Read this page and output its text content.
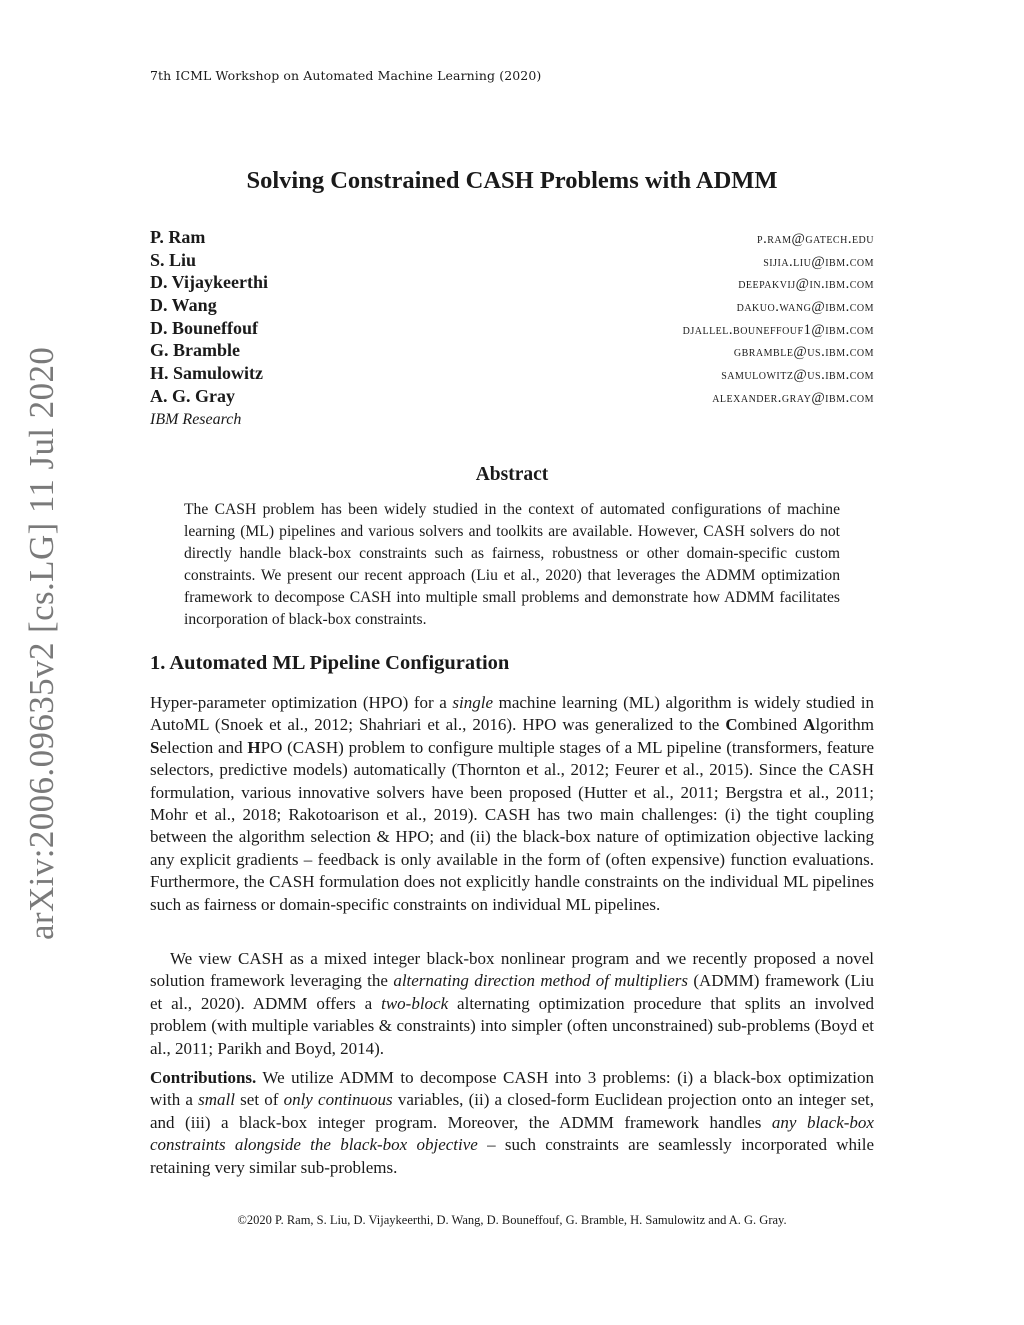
7th ICML Workshop on Automated Machine Learning (2020)
arXiv:2006.09635v2 [cs.LG] 11 Jul 2020
Solving Constrained CASH Problems with ADMM
P. Ram	p.ram@gatech.edu
S. Liu	sijia.liu@ibm.com
D. Vijaykeerthi	deepakvij@in.ibm.com
D. Wang	dakuo.wang@ibm.com
D. Bouneffouf	djallel.bouneffouf1@ibm.com
G. Bramble	gbramble@us.ibm.com
H. Samulowitz	samulowitz@us.ibm.com
A. G. Gray	alexander.gray@ibm.com
IBM Research
Abstract
The CASH problem has been widely studied in the context of automated configurations of machine learning (ML) pipelines and various solvers and toolkits are available. However, CASH solvers do not directly handle black-box constraints such as fairness, robustness or other domain-specific custom constraints. We present our recent approach (Liu et al., 2020) that leverages the ADMM optimization framework to decompose CASH into multiple small problems and demonstrate how ADMM facilitates incorporation of black-box constraints.
1. Automated ML Pipeline Configuration
Hyper-parameter optimization (HPO) for a single machine learning (ML) algorithm is widely studied in AutoML (Snoek et al., 2012; Shahriari et al., 2016). HPO was generalized to the Combined Algorithm Selection and HPO (CASH) problem to configure multiple stages of a ML pipeline (transformers, feature selectors, predictive models) automatically (Thornton et al., 2012; Feurer et al., 2015). Since the CASH formulation, various innovative solvers have been proposed (Hutter et al., 2011; Bergstra et al., 2011; Mohr et al., 2018; Rakotoarison et al., 2019). CASH has two main challenges: (i) the tight coupling between the algorithm selection & HPO; and (ii) the black-box nature of optimization objective lacking any explicit gradients – feedback is only available in the form of (often expensive) function evaluations. Furthermore, the CASH formulation does not explicitly handle constraints on the individual ML pipelines such as fairness or domain-specific constraints on individual ML pipelines.
We view CASH as a mixed integer black-box nonlinear program and we recently proposed a novel solution framework leveraging the alternating direction method of multipliers (ADMM) framework (Liu et al., 2020). ADMM offers a two-block alternating optimization procedure that splits an involved problem (with multiple variables & constraints) into simpler (often unconstrained) sub-problems (Boyd et al., 2011; Parikh and Boyd, 2014).
Contributions. We utilize ADMM to decompose CASH into 3 problems: (i) a black-box optimization with a small set of only continuous variables, (ii) a closed-form Euclidean projection onto an integer set, and (iii) a black-box integer program. Moreover, the ADMM framework handles any black-box constraints alongside the black-box objective – such constraints are seamlessly incorporated while retaining very similar sub-problems.
©2020 P. Ram, S. Liu, D. Vijaykeerthi, D. Wang, D. Bouneffouf, G. Bramble, H. Samulowitz and A. G. Gray.
